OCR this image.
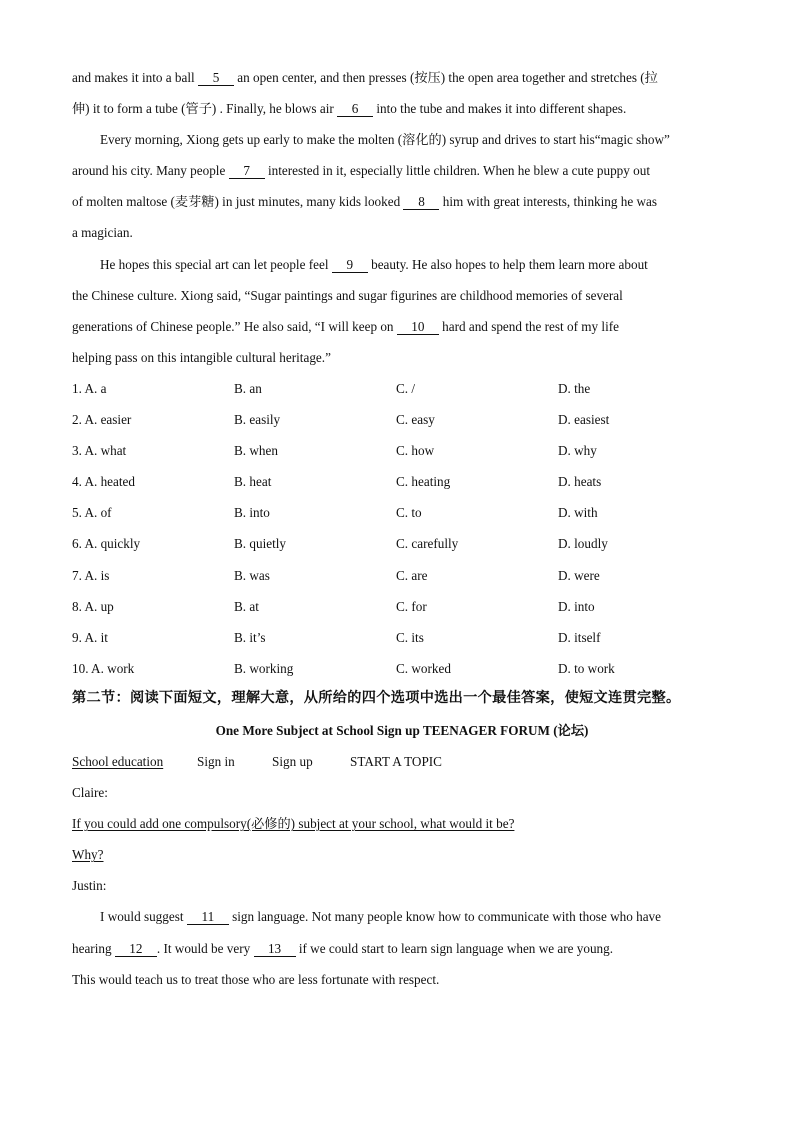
and makes it into a ball 5 an open center, and then presses (按压) the open area together and stretches (拉
伸) it to form a tube (管子) . Finally, he blows air 6 into the tube and makes it into different shapes.
Every morning, Xiong gets up early to make the molten (溶化的) syrup and drives to start his“magic show”
around his city. Many people 7 interested in it, especially little children. When he blew a cute puppy out
of molten maltose (麦芽糖) in just minutes, many kids looked 8 him with great interests, thinking he was
a magician.
He hopes this special art can let people feel 9 beauty. He also hopes to help them learn more about
the Chinese culture. Xiong said, “Sugar paintings and sugar figurines are childhood memories of several
generations of Chinese people.” He also said, “I will keep on 10 hard and spend the rest of my life
helping pass on this intangible cultural heritage.”
1. A. a	B. an	C. /	D. the
2. A. easier	B. easily	C. easy	D. easiest
3. A. what	B. when	C. how	D. why
4. A. heated	B. heat	C. heating	D. heats
5. A. of	B. into	C. to	D. with
6. A. quickly	B. quietly	C. carefully	D. loudly
7. A. is	B. was	C. are	D. were
8. A. up	B. at	C. for	D. into
9. A. it	B. it’s	C. its	D. itself
10. A. work	B. working	C. worked	D. to work
第二节：阅读下面短文，理解大意，从所给的四个选项中选出一个最佳答案，使短文连贯完整。
One More Subject at School Sign up TEENAGER FORUM (论坛)
School education	Sign in	Sign up	START A TOPIC
Claire:
If you could add one compulsory(必修的) subject at your school, what would it be?
Why?
Justin:
I would suggest 11 sign language. Not many people know how to communicate with those who have
hearing 12 . It would be very 13 if we could start to learn sign language when we are young.
This would teach us to treat those who are less fortunate with respect.
